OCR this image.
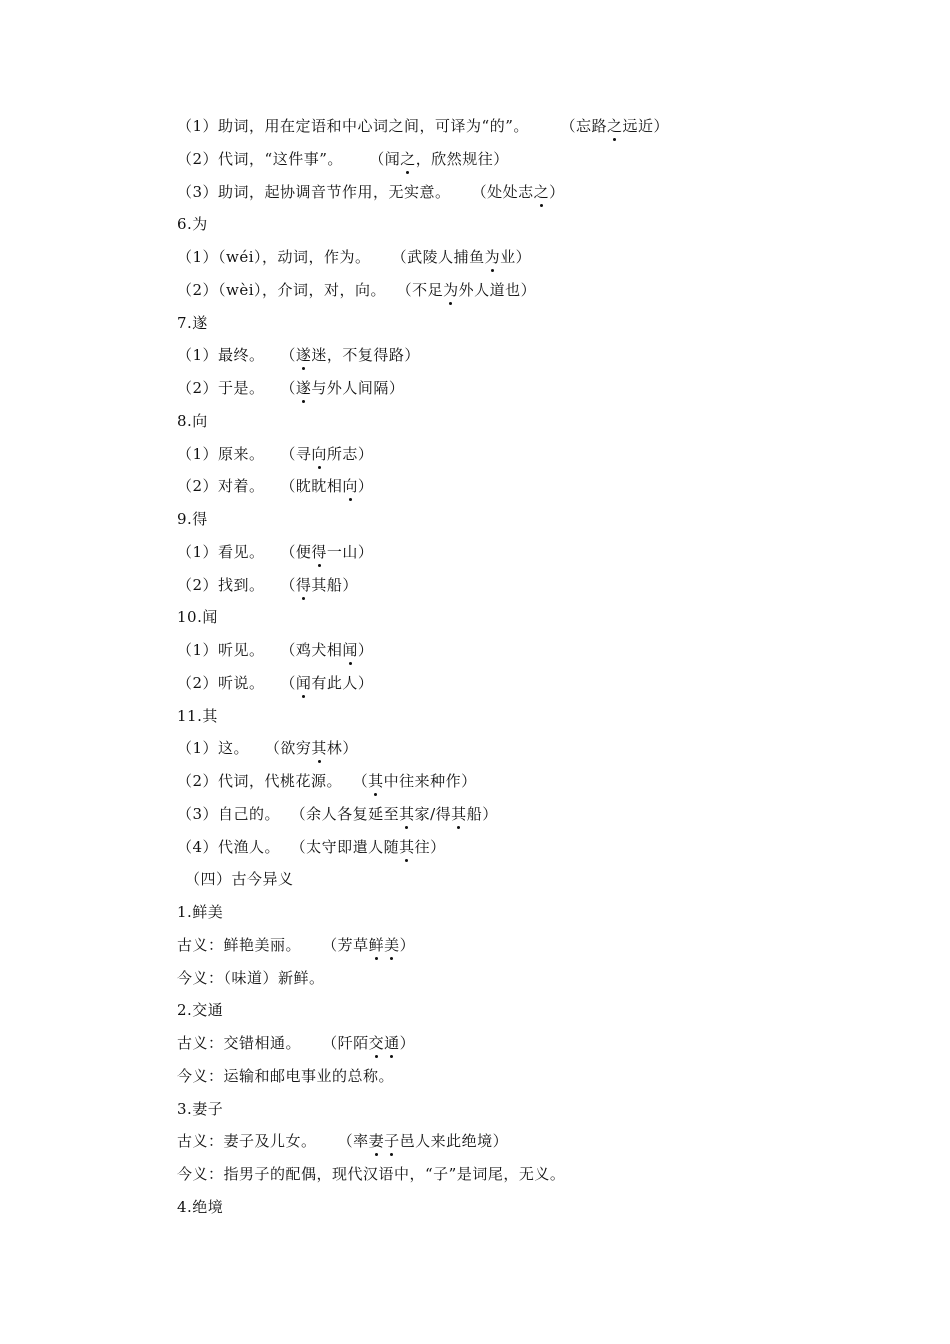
（1）助词，用在定语和中心词之间，可译为“的”。      （忘路之远近）
（2）代词，“这件事”。     （闻之，欣然规往）
（3）助词，起协调音节作用，无实意。    （处处志之）
6.为
（1）（wéi），动词，作为。    （武陵人捕鱼为业）
（2）（wèi），介词，对，向。  （不足为外人道也）
7.遂
（1）最终。   （遂迷，不复得路）
（2）于是。   （遂与外人间隔）
8.向
（1）原来。   （寻向所志）
（2）对着。   （眈眈相向）
9.得
（1）看见。   （便得一山）
（2）找到。   （得其船）
10.闻
（1）听见。   （鸡犬相闻）
（2）听说。   （闻有此人）
11.其
（1）这。   （欲穷其林）
（2）代词，代桃花源。  （其中往来种作）
（3）自己的。  （余人各复延至其家/得其船）
（4）代渔人。  （太守即遣人随其往）
（四）古今异义
1.鲜美
古义：鲜艳美丽。    （芳草鲜美）
今义：（味道）新鲜。
2.交通
古义：交错相通。    （阡陌交通）
今义：运输和邮电事业的总称。
3.妻子
古义：妻子及儿女。    （率妻子邑人来此绝境）
今义：指男子的配偶，现代汉语中，“子”是词尾，无义。
4.绝境
